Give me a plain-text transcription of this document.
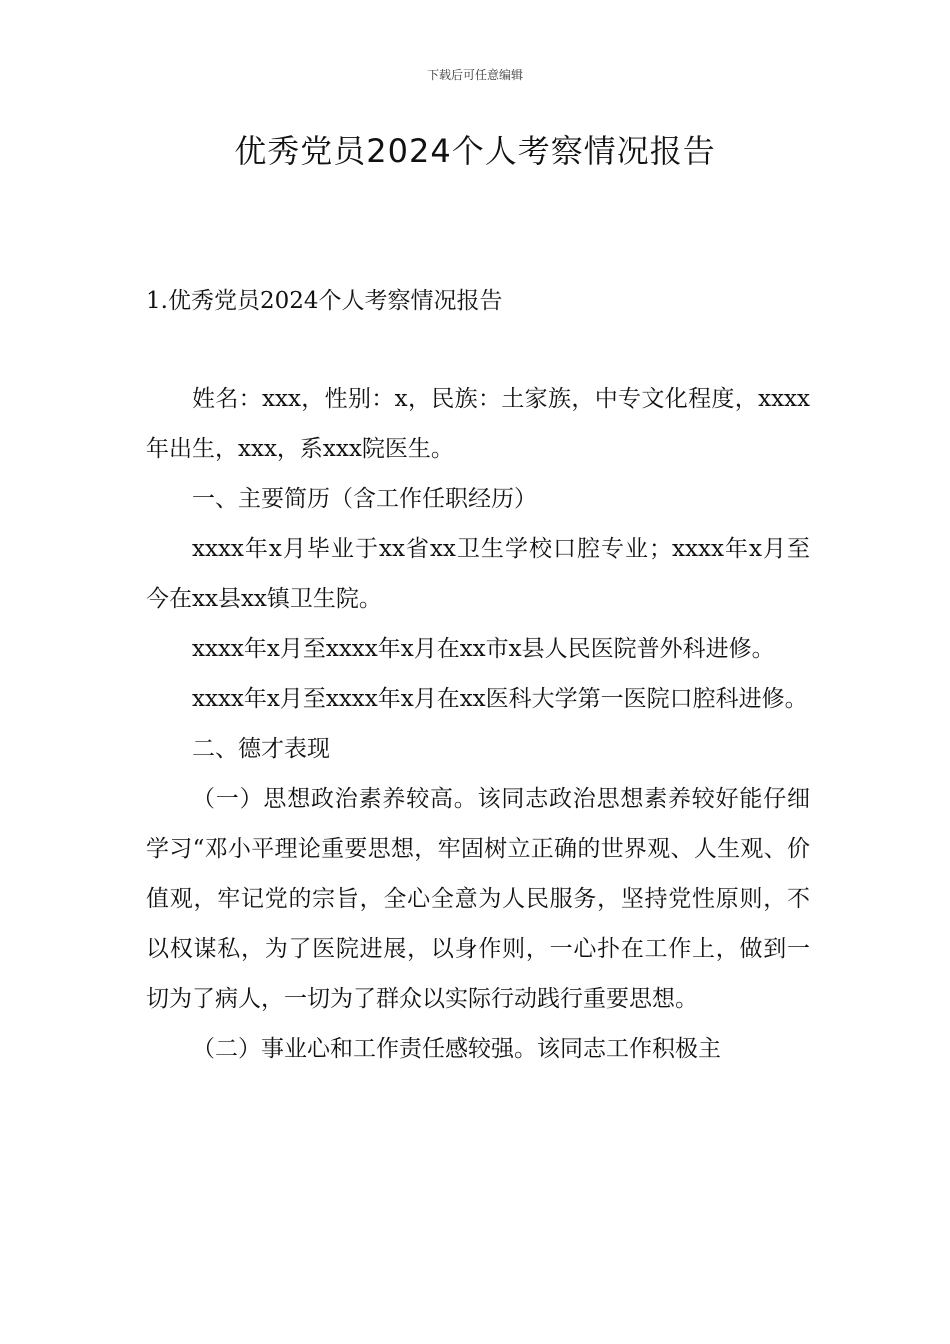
下载后可任意编辑
优秀党员2024个人考察情况报告
1.优秀党员2024个人考察情况报告

姓名：xxx，性别：x，民族：土家族，中专文化程度，xxxx年出生，xxx，系xxx院医生。

一、主要简历（含工作任职经历）

xxxx年x月毕业于xx省xx卫生学校口腔专业；xxxx年x月至今在xx县xx镇卫生院。

xxxx年x月至xxxx年x月在xx市x县人民医院普外科进修。

xxxx年x月至xxxx年x月在xx医科大学第一医院口腔科进修。

二、德才表现

（一）思想政治素养较高。该同志政治思想素养较好能仔细学习“邓小平理论重要思想，牢固树立正确的世界观、人生观、价值观，牢记党的宗旨，全心全意为人民服务，坚持党性原则，不以权谋私，为了医院进展，以身作则，一心扑在工作上，做到一切为了病人，一切为了群众以实际行动践行重要思想。

（二）事业心和工作责任感较强。该同志工作积极主
